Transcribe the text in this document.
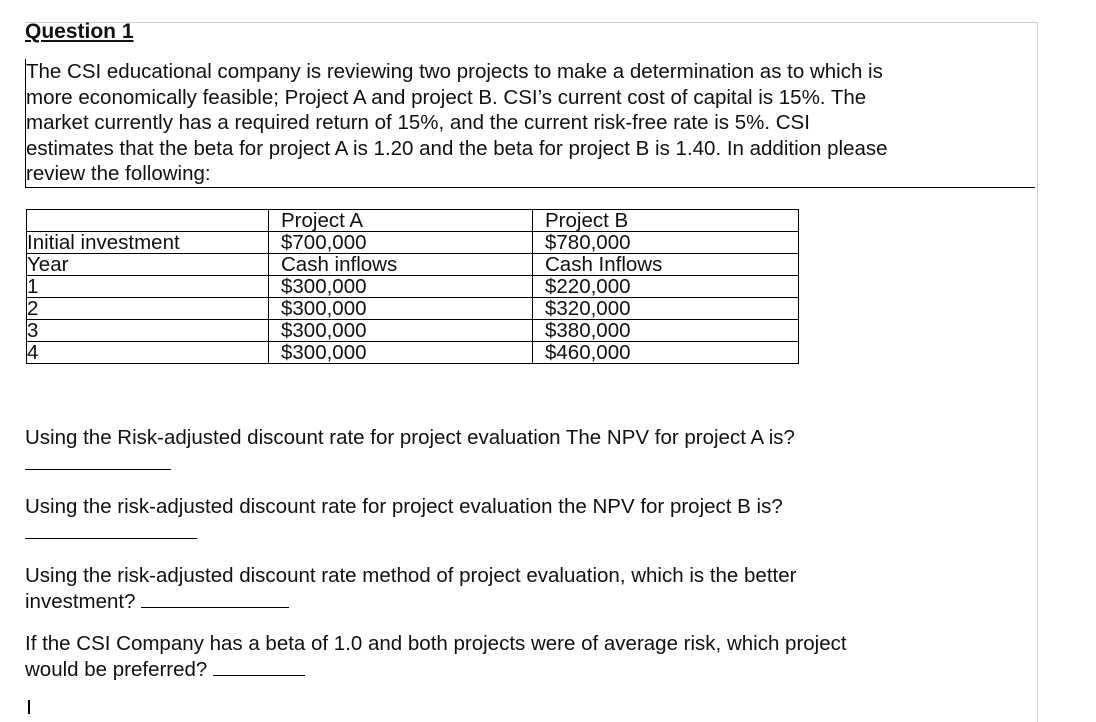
Question 1
The CSI educational company is reviewing two projects to make a determination as to which is
more economically feasible; Project A and project B. CSI’s current cost of capital is 15%. The
market currently has a required return of 15%, and the current risk-free rate is 5%. CSI
estimates that the beta for project A is 1.20 and the beta for project B is 1.40. In addition please
review the following:
	Project A	Project B
Initial investment	$700,000	$780,000
Year	Cash inflows	Cash Inflows
1	$300,000	$220,000
2	$300,000	$320,000
3	$300,000	$380,000
4	$300,000	$460,000
Using the Risk-adjusted discount rate for project evaluation The NPV for project A is?
Using the risk-adjusted discount rate for project evaluation the NPV for project B is?
Using the risk-adjusted discount rate method of project evaluation, which is the better
investment?
If the CSI Company has a beta of 1.0 and both projects were of average risk, which project
would be preferred?
